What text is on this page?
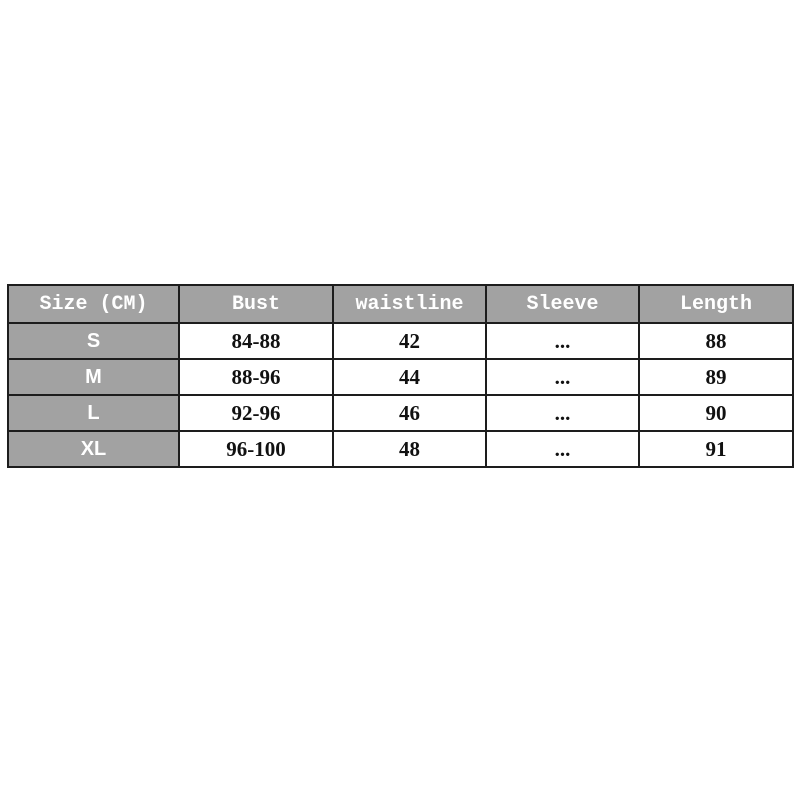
Size (CM)	Bust	waistline	Sleeve	Length
S	84-88	42	...	88
M	88-96	44	...	89
L	92-96	46	...	90
XL	96-100	48	...	91
